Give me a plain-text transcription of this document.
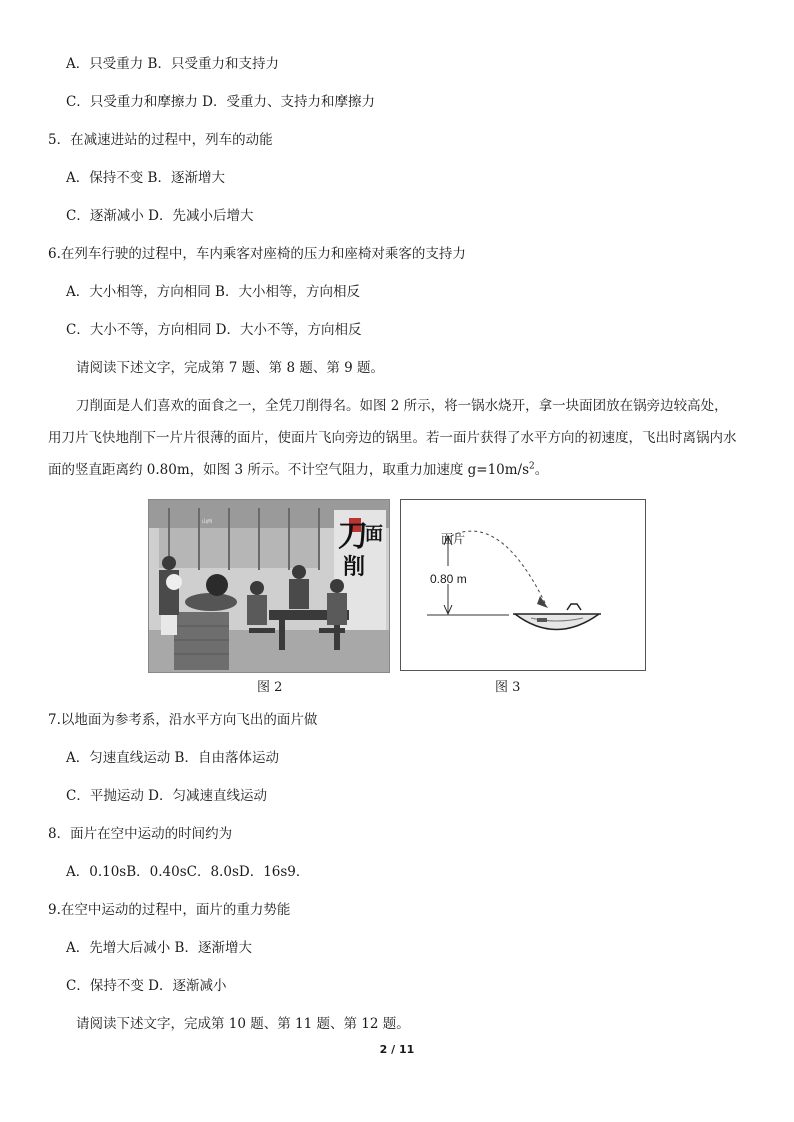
A．只受重力 B．只受重力和支持力
C．只受重力和摩擦力 D．受重力、支持力和摩擦力
5．在减速进站的过程中，列车的动能
A．保持不变 B．逐渐增大
C．逐渐减小 D．先减小后增大
6.在列车行驶的过程中，车内乘客对座椅的压力和座椅对乘客的支持力
A．大小相等，方向相同 B．大小相等，方向相反
C．大小不等，方向相同 D．大小不等，方向相反
请阅读下述文字，完成第 7 题、第 8 题、第 9 题。
刀削面是人们喜欢的面食之一，全凭刀削得名。如图 2 所示，将一锅水烧开，拿一块面团放在锅旁边较高处，用刀片飞快地削下一片片很薄的面片，使面片飞向旁边的锅里。若一面片获得了水平方向的初速度，飞出时离锅内水面的竖直距离约 0.80m，如图 3 所示。不计空气阻力，取重力加速度 $g=10m/s^2$。
刀
面
削
山西
图 2
面片
0.80 m
图 3
7.以地面为参考系，沿水平方向飞出的面片做
A．匀速直线运动 B．自由落体运动
C．平抛运动 D．匀减速直线运动
8．面片在空中运动的时间约为
A．0.10sB．0.40sC．8.0sD．16s9．
9.在空中运动的过程中，面片的重力势能
A．先增大后减小 B．逐渐增大
C．保持不变 D．逐渐减小
请阅读下述文字，完成第 10 题、第 11 题、第 12 题。
2 / 11
